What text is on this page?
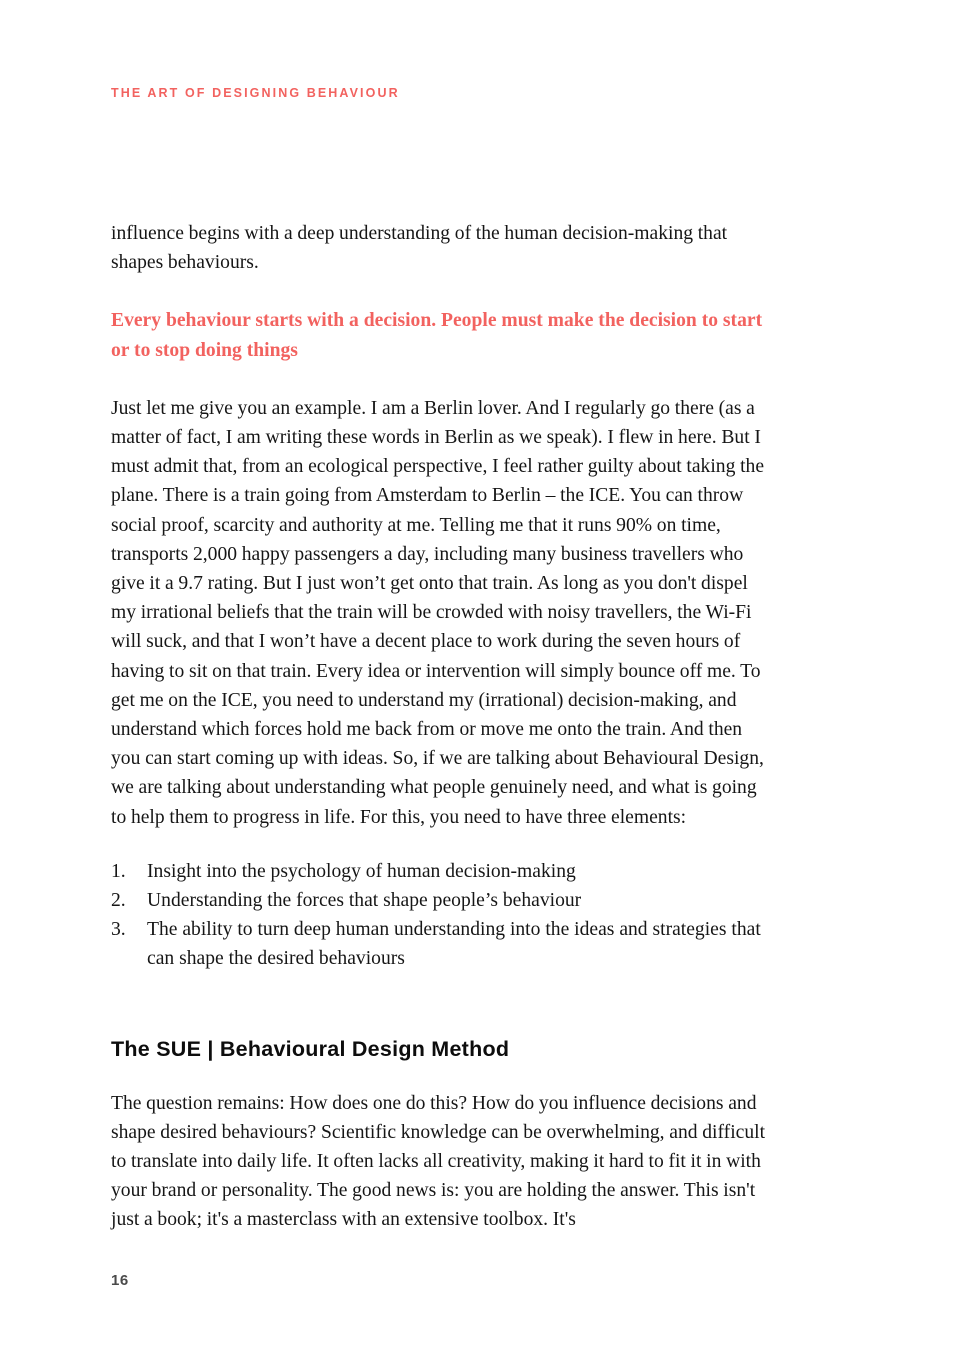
THE ART OF DESIGNING BEHAVIOUR

influence begins with a deep understanding of the human decision-making that shapes behaviours.

Every behaviour starts with a decision. People must make the decision to start or to stop doing things

Just let me give you an example. I am a Berlin lover. And I regularly go there (as a matter of fact, I am writing these words in Berlin as we speak). I flew in here. But I must admit that, from an ecological perspective, I feel rather guilty about taking the plane. There is a train going from Amsterdam to Berlin – the ICE. You can throw social proof, scarcity and authority at me. Telling me that it runs 90% on time, transports 2,000 happy passengers a day, including many business travellers who give it a 9.7 rating. But I just won’t get onto that train. As long as you don't dispel my irrational beliefs that the train will be crowded with noisy travellers, the Wi-Fi will suck, and that I won’t have a decent place to work during the seven hours of having to sit on that train. Every idea or intervention will simply bounce off me. To get me on the ICE, you need to understand my (irrational) decision-making, and understand which forces hold me back from or move me onto the train. And then you can start coming up with ideas. So, if we are talking about Behavioural Design, we are talking about understanding what people genuinely need, and what is going to help them to progress in life. For this, you need to have three elements:

1.	Insight into the psychology of human decision-making
2.	Understanding the forces that shape people’s behaviour
3.	The ability to turn deep human understanding into the ideas and strategies that can shape the desired behaviours
The SUE | Behavioural Design Method

The question remains: How does one do this? How do you influence decisions and shape desired behaviours? Scientific knowledge can be overwhelming, and difficult to translate into daily life. It often lacks all creativity, making it hard to fit it in with your brand or personality. The good news is: you are holding the answer. This isn't just a book; it's a masterclass with an extensive toolbox. It's

16
